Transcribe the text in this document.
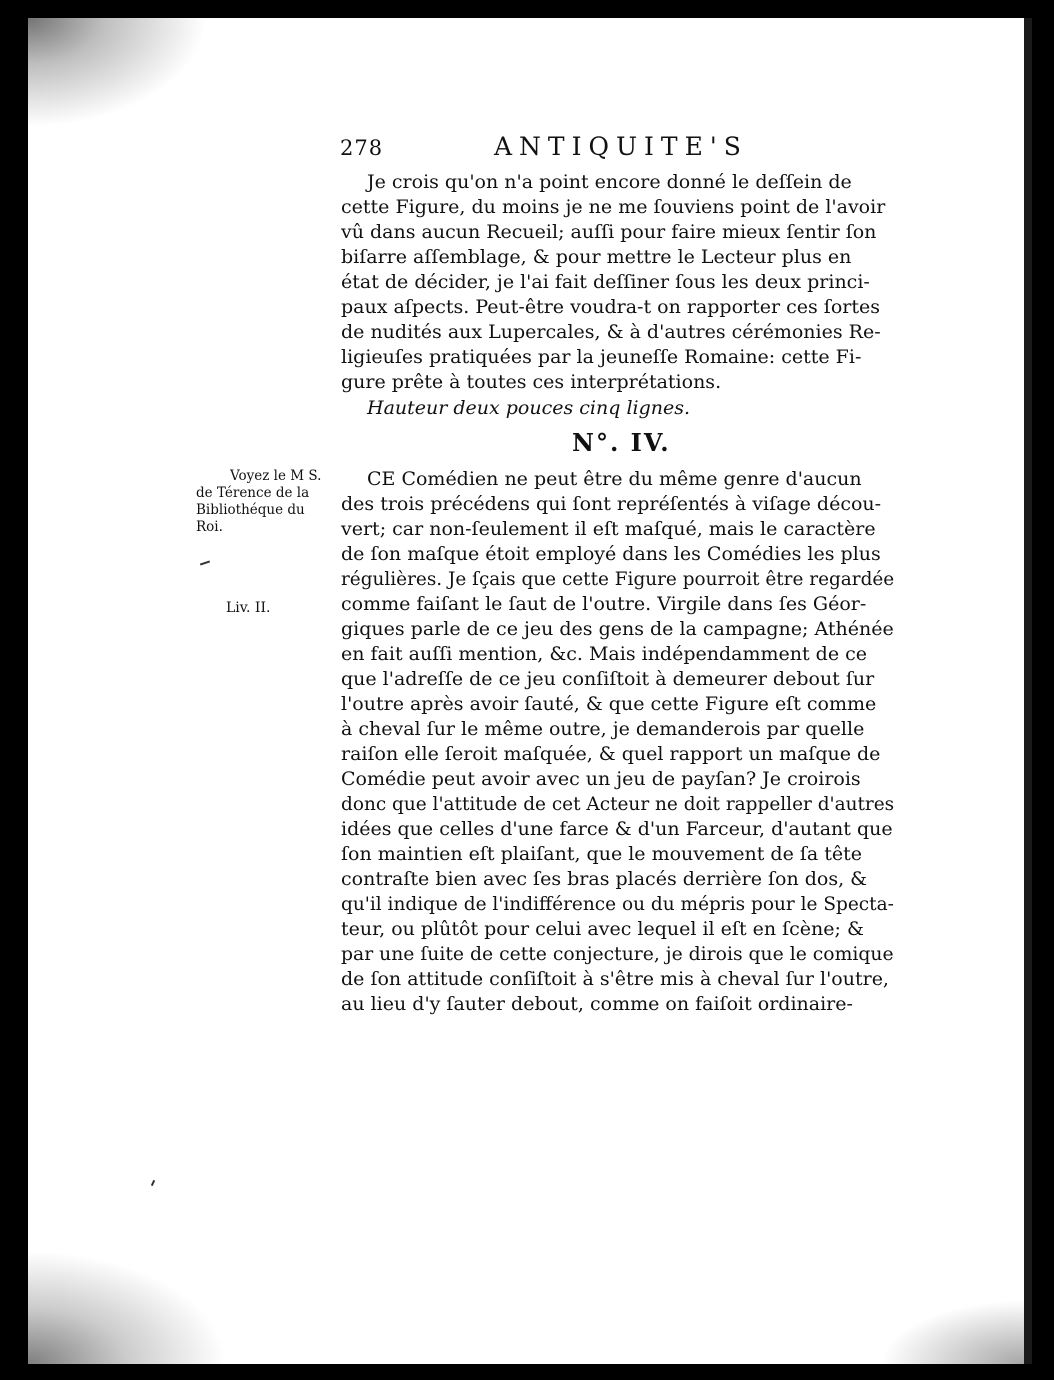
278	ANTIQUITE'S
Je crois qu'on n'a point encore donné le deſſein de
cette Figure, du moins je ne me ſouviens point de l'avoir
vû dans aucun Recueil; auſſi pour faire mieux ſentir ſon
biſarre aſſemblage, & pour mettre le Lecteur plus en
état de décider, je l'ai fait deſſiner ſous les deux princi-
paux aſpects. Peut-être voudra-t on rapporter ces ſortes
de nudités aux Lupercales, & à d'autres cérémonies Re-
ligieuſes pratiquées par la jeuneſſe Romaine: cette Fi-
gure prête à toutes ces interprétations.
Hauteur deux pouces cinq lignes.
N°. IV.
Voyez le M S.
de Térence de la
Bibliothéque du
Roi.
Liv. II.
CE Comédien ne peut être du même genre d'aucun
des trois précédens qui ſont repréſentés à viſage décou-
vert; car non-ſeulement il eſt maſqué, mais le caractère
de ſon maſque étoit employé dans les Comédies les plus
régulières. Je ſçais que cette Figure pourroit être regardée
comme faiſant le ſaut de l'outre. Virgile dans ſes Géor-
giques parle de ce jeu des gens de la campagne; Athénée
en fait auſſi mention, &c. Mais indépendamment de ce
que l'adreſſe de ce jeu conſiſtoit à demeurer debout ſur
l'outre après avoir ſauté, & que cette Figure eſt comme
à cheval ſur le même outre, je demanderois par quelle
raiſon elle ſeroit maſquée, & quel rapport un maſque de
Comédie peut avoir avec un jeu de payſan? Je croirois
donc que l'attitude de cet Acteur ne doit rappeller d'autres
idées que celles d'une farce & d'un Farceur, d'autant que
ſon maintien eſt plaiſant, que le mouvement de ſa tête
contraſte bien avec ſes bras placés derrière ſon dos, &
qu'il indique de l'indifférence ou du mépris pour le Specta-
teur, ou plûtôt pour celui avec lequel il eſt en ſcène; &
par une ſuite de cette conjecture, je dirois que le comique
de ſon attitude conſiſtoit à s'être mis à cheval ſur l'outre,
au lieu d'y ſauter debout, comme on faiſoit ordinaire-
